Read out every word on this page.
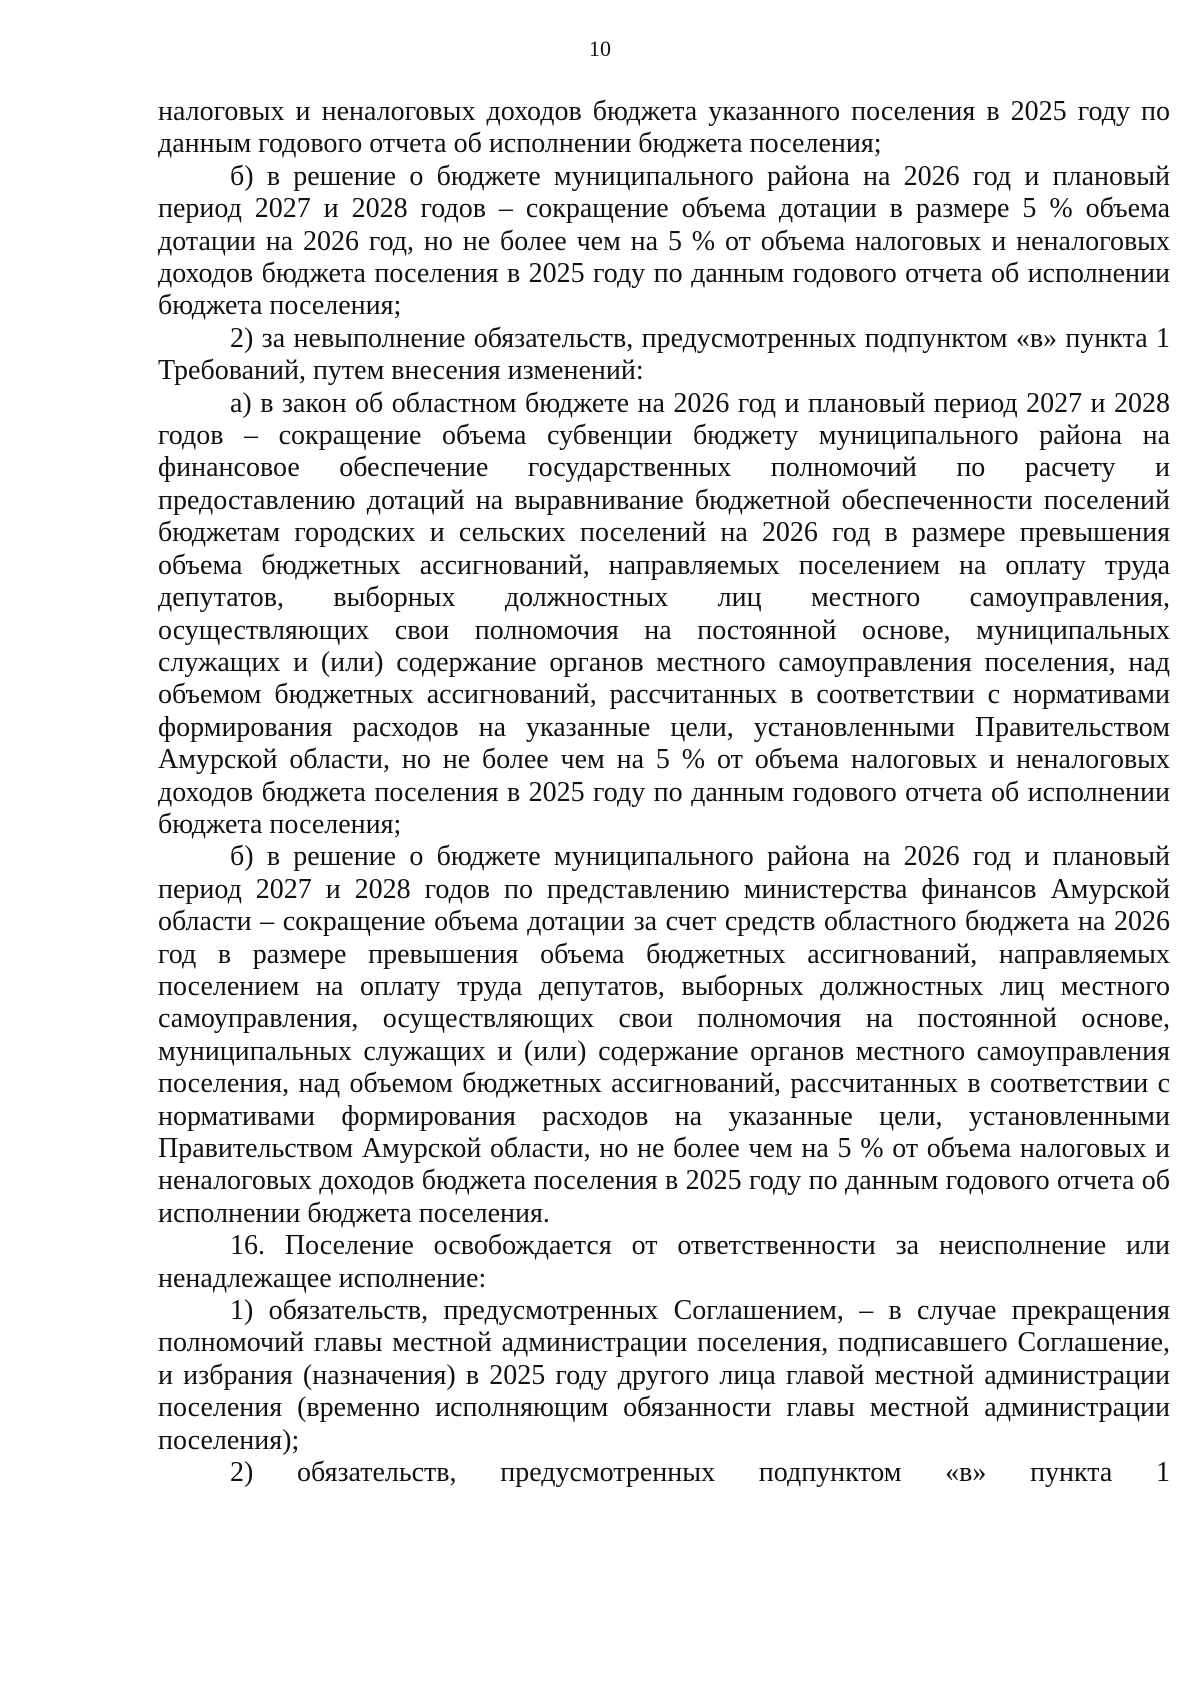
10

налоговых и неналоговых доходов бюджета указанного поселения в 2025 году по данным годового отчета об исполнении бюджета поселения;

б) в решение о бюджете муниципального района на 2026 год и плановый период 2027 и 2028 годов – сокращение объема дотации в размере 5 % объема дотации на 2026 год, но не более чем на 5 % от объема налоговых и неналоговых доходов бюджета поселения в 2025 году по данным годового отчета об исполнении бюджета поселения;

2) за невыполнение обязательств, предусмотренных подпунктом «в» пункта 1 Требований, путем внесения изменений:

а) в закон об областном бюджете на 2026 год и плановый период 2027 и 2028 годов – сокращение объема субвенции бюджету муниципального района на финансовое обеспечение государственных полномочий по расчету и предоставлению дотаций на выравнивание бюджетной обеспеченности поселений бюджетам городских и сельских поселений на 2026 год в размере превышения объема бюджетных ассигнований, направляемых поселением на оплату труда депутатов, выборных должностных лиц местного самоуправления, осуществляющих свои полномочия на постоянной основе, муниципальных служащих и (или) содержание органов местного самоуправления поселения, над объемом бюджетных ассигнований, рассчитанных в соответствии с нормативами формирования расходов на указанные цели, установленными Правительством Амурской области, но не более чем на 5 % от объема налоговых и неналоговых доходов бюджета поселения в 2025 году по данным годового отчета об исполнении бюджета поселения;

б) в решение о бюджете муниципального района на 2026 год и плановый период 2027 и 2028 годов по представлению министерства финансов Амурской области – сокращение объема дотации за счет средств областного бюджета на 2026 год в размере превышения объема бюджетных ассигнований, направляемых поселением на оплату труда депутатов, выборных должностных лиц местного самоуправления, осуществляющих свои полномочия на постоянной основе, муниципальных служащих и (или) содержание органов местного самоуправления поселения, над объемом бюджетных ассигнований, рассчитанных в соответствии с нормативами формирования расходов на указанные цели, установленными Правительством Амурской области, но не более чем на 5 % от объема налоговых и неналоговых доходов бюджета поселения в 2025 году по данным годового отчета об исполнении бюджета поселения.

16. Поселение освобождается от ответственности за неисполнение или ненадлежащее исполнение:

1) обязательств, предусмотренных Соглашением, – в случае прекращения полномочий главы местной администрации поселения, подписавшего Соглашение, и избрания (назначения) в 2025 году другого лица главой местной администрации поселения (временно исполняющим обязанности главы местной администрации поселения);

2) обязательств, предусмотренных подпунктом «в» пункта 1
